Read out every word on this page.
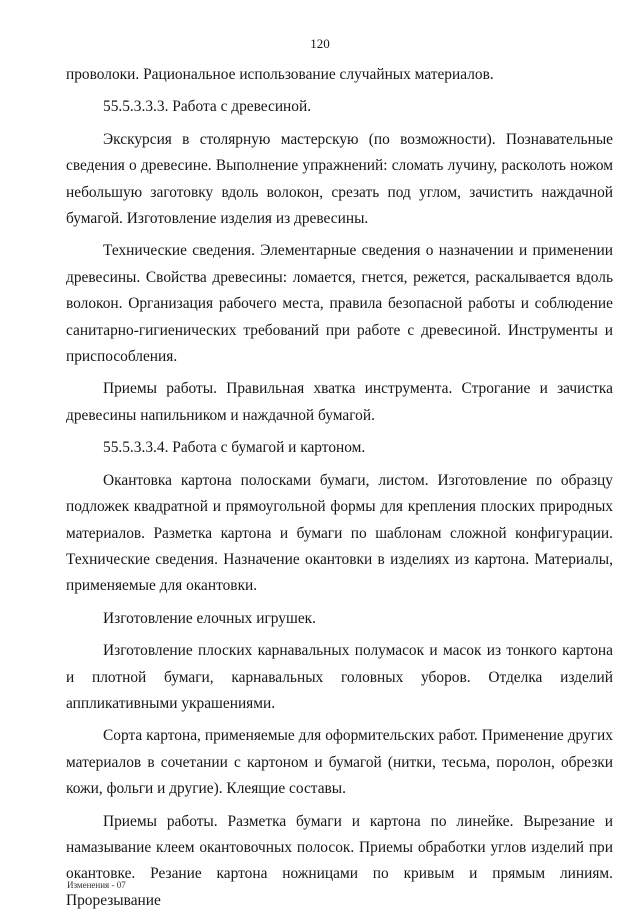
120

проволоки. Рациональное использование случайных материалов.

55.5.3.3.3. Работа с древесиной.

Экскурсия в столярную мастерскую (по возможности). Познавательные сведения о древесине. Выполнение упражнений: сломать лучину, расколоть ножом небольшую заготовку вдоль волокон, срезать под углом, зачистить наждачной бумагой. Изготовление изделия из древесины.

Технические сведения. Элементарные сведения о назначении и применении древесины. Свойства древесины: ломается, гнется, режется, раскалывается вдоль волокон. Организация рабочего места, правила безопасной работы и соблюдение санитарно-гигиенических требований при работе с древесиной. Инструменты и приспособления.

Приемы работы. Правильная хватка инструмента. Строгание и зачистка древесины напильником и наждачной бумагой.

55.5.3.3.4. Работа с бумагой и картоном.

Окантовка картона полосками бумаги, листом. Изготовление по образцу подложек квадратной и прямоугольной формы для крепления плоских природных материалов. Разметка картона и бумаги по шаблонам сложной конфигурации. Технические сведения. Назначение окантовки в изделиях из картона. Материалы, применяемые для окантовки.

Изготовление елочных игрушек.

Изготовление плоских карнавальных полумасок и масок из тонкого картона и плотной бумаги, карнавальных головных уборов. Отделка изделий аппликативными украшениями.

Сорта картона, применяемые для оформительских работ. Применение других материалов в сочетании с картоном и бумагой (нитки, тесьма, поролон, обрезки кожи, фольги и другие). Клеящие составы.

Приемы работы. Разметка бумаги и картона по линейке. Вырезание и намазывание клеем окантовочных полосок. Приемы обработки углов изделий при окантовке. Резание картона ножницами по кривым и прямым линиям. Прорезывание

Изменения - 07
